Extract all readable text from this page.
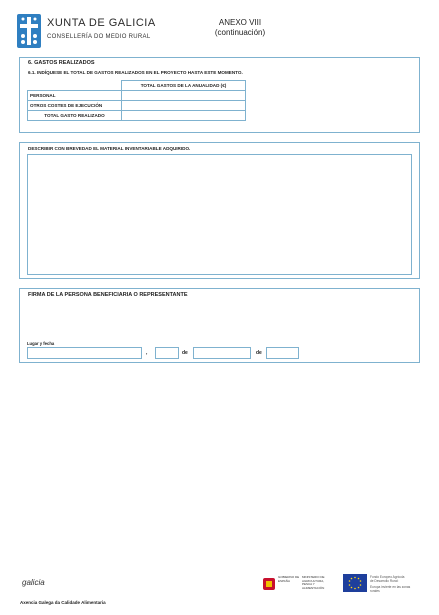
XUNTA DE GALICIA
CONSELLERÍA DO MEDIO RURAL
ANEXO VIII
(continuación)
6. GASTOS REALIZADOS
6.1. INDÍQUESE EL TOTAL DE GASTOS REALIZADOS EN EL PROYECTO HASTA ESTE MOMENTO.
	TOTAL GASTOS DE LA ANUALIDAD (€)
PERSONAL	
OTROS COSTES DE EJECUCIÓN	
TOTAL GASTO REALIZADO	
DESCRIBIR CON BREVEDAD EL MATERIAL INVENTARIABLE ADQUIRIDO.
FIRMA DE LA PERSONA BENEFICIARIA O REPRESENTANTE
Lugar y fecha
,	de	de
galicia
Axencia Galega da Calidade Alimentaria
GOBIERNO DE ESPAÑA
MINISTERIO DE AGRICULTURA, PESCA Y ALIMENTACIÓN
Fondo Europeo Agrícola
de Desarrollo Rural:
Europa invierte en las zonas rurales
